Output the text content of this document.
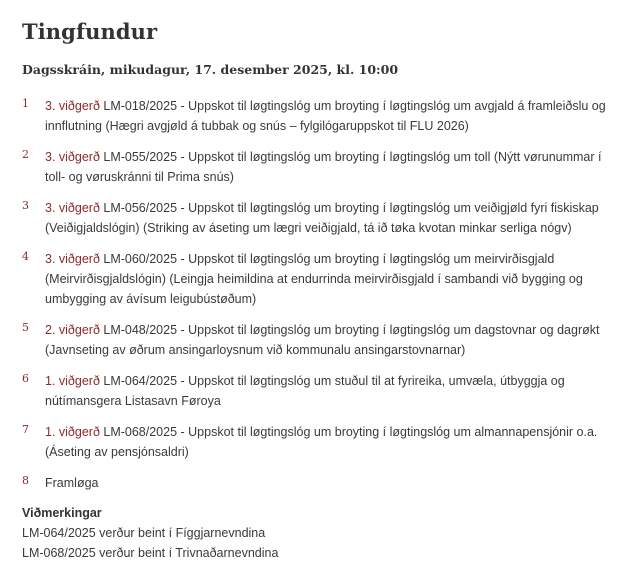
Tingfundur
Dagsskráin, mikudagur, 17. desember 2025, kl. 10:00
1 3. viðgerð LM-018/2025 - Uppskot til løgtingslóg um broyting í løgtingslóg um avgjald á framleiðslu og innflutning (Hægri avgjøld á tubbak og snús – fylgilógaruppskot til FLU 2026)
2 3. viðgerð LM-055/2025 - Uppskot til løgtingslóg um broyting í løgtingslóg um toll (Nýtt vørunummar í toll- og vøruskránni til Prima snús)
3 3. viðgerð LM-056/2025 - Uppskot til løgtingslóg um broyting í løgtingslóg um veiðigjøld fyri fiskiskap (Veiðigjaldslógin) (Striking av áseting um lægri veiðigjald, tá ið tøka kvotan minkar serliga nógv)
4 3. viðgerð LM-060/2025 - Uppskot til løgtingslóg um broyting í løgtingslóg um meirvirðisgjald (Meirvirðisgjaldslógin) (Leingja heimildina at endurrinda meirvirðisgjald í sambandi við bygging og umbygging av ávísum leigubústøðum)
5 2. viðgerð LM-048/2025 - Uppskot til løgtingslóg um broyting í løgtingslóg um dagstovnar og dagrøkt (Javnseting av øðrum ansingarloysnum við kommunalu ansingarstovnarnar)
6 1. viðgerð LM-064/2025 - Uppskot til løgtingslóg um stuðul til at fyrireika, umvæla, útbyggja og nútímansgera Listasavn Føroya
7 1. viðgerð LM-068/2025 - Uppskot til løgtingslóg um broyting í løgtingslóg um almannapensjónir o.a. (Áseting av pensjónsaldri)
8 Framløga

Viðmerkingar

LM-064/2025 verður beint í Fíggjarnevndina

LM-068/2025 verður beint í Trivnaðarnevndina
